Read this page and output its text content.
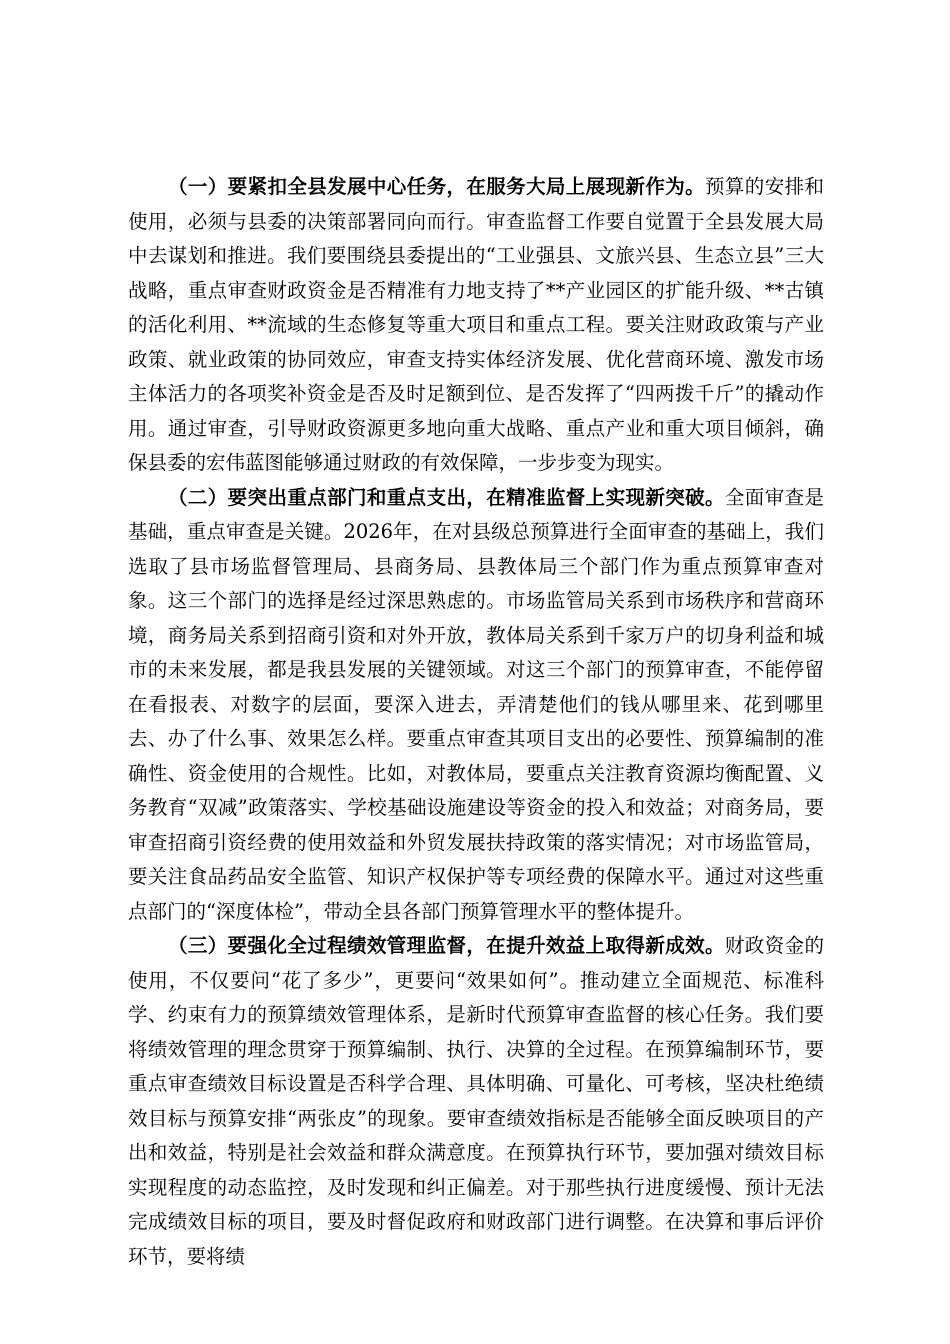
（一）要紧扣全县发展中心任务，在服务大局上展现新作为。预算的安排和使用，必须与县委的决策部署同向而行。审查监督工作要自觉置于全县发展大局中去谋划和推进。我们要围绕县委提出的“工业强县、文旅兴县、生态立县”三大战略，重点审查财政资金是否精准有力地支持了**产业园区的扩能升级、**古镇的活化利用、**流域的生态修复等重大项目和重点工程。要关注财政政策与产业政策、就业政策的协同效应，审查支持实体经济发展、优化营商环境、激发市场主体活力的各项奖补资金是否及时足额到位、是否发挥了“四两拨千斤”的撬动作用。通过审查，引导财政资源更多地向重大战略、重点产业和重大项目倾斜，确保县委的宏伟蓝图能够通过财政的有效保障，一步步变为现实。

（二）要突出重点部门和重点支出，在精准监督上实现新突破。全面审查是基础，重点审查是关键。2026年，在对县级总预算进行全面审查的基础上，我们选取了县市场监督管理局、县商务局、县教体局三个部门作为重点预算审查对象。这三个部门的选择是经过深思熟虑的。市场监管局关系到市场秩序和营商环境，商务局关系到招商引资和对外开放，教体局关系到千家万户的切身利益和城市的未来发展，都是我县发展的关键领域。对这三个部门的预算审查，不能停留在看报表、对数字的层面，要深入进去，弄清楚他们的钱从哪里来、花到哪里去、办了什么事、效果怎么样。要重点审查其项目支出的必要性、预算编制的准确性、资金使用的合规性。比如，对教体局，要重点关注教育资源均衡配置、义务教育“双减”政策落实、学校基础设施建设等资金的投入和效益；对商务局，要审查招商引资经费的使用效益和外贸发展扶持政策的落实情况；对市场监管局，要关注食品药品安全监管、知识产权保护等专项经费的保障水平。通过对这些重点部门的“深度体检”，带动全县各部门预算管理水平的整体提升。

（三）要强化全过程绩效管理监督，在提升效益上取得新成效。财政资金的使用，不仅要问“花了多少”，更要问“效果如何”。推动建立全面规范、标准科学、约束有力的预算绩效管理体系，是新时代预算审查监督的核心任务。我们要将绩效管理的理念贯穿于预算编制、执行、决算的全过程。在预算编制环节，要重点审查绩效目标设置是否科学合理、具体明确、可量化、可考核，坚决杜绝绩效目标与预算安排“两张皮”的现象。要审查绩效指标是否能够全面反映项目的产出和效益，特别是社会效益和群众满意度。在预算执行环节，要加强对绩效目标实现程度的动态监控，及时发现和纠正偏差。对于那些执行进度缓慢、预计无法完成绩效目标的项目，要及时督促政府和财政部门进行调整。在决算和事后评价环节，要将绩
